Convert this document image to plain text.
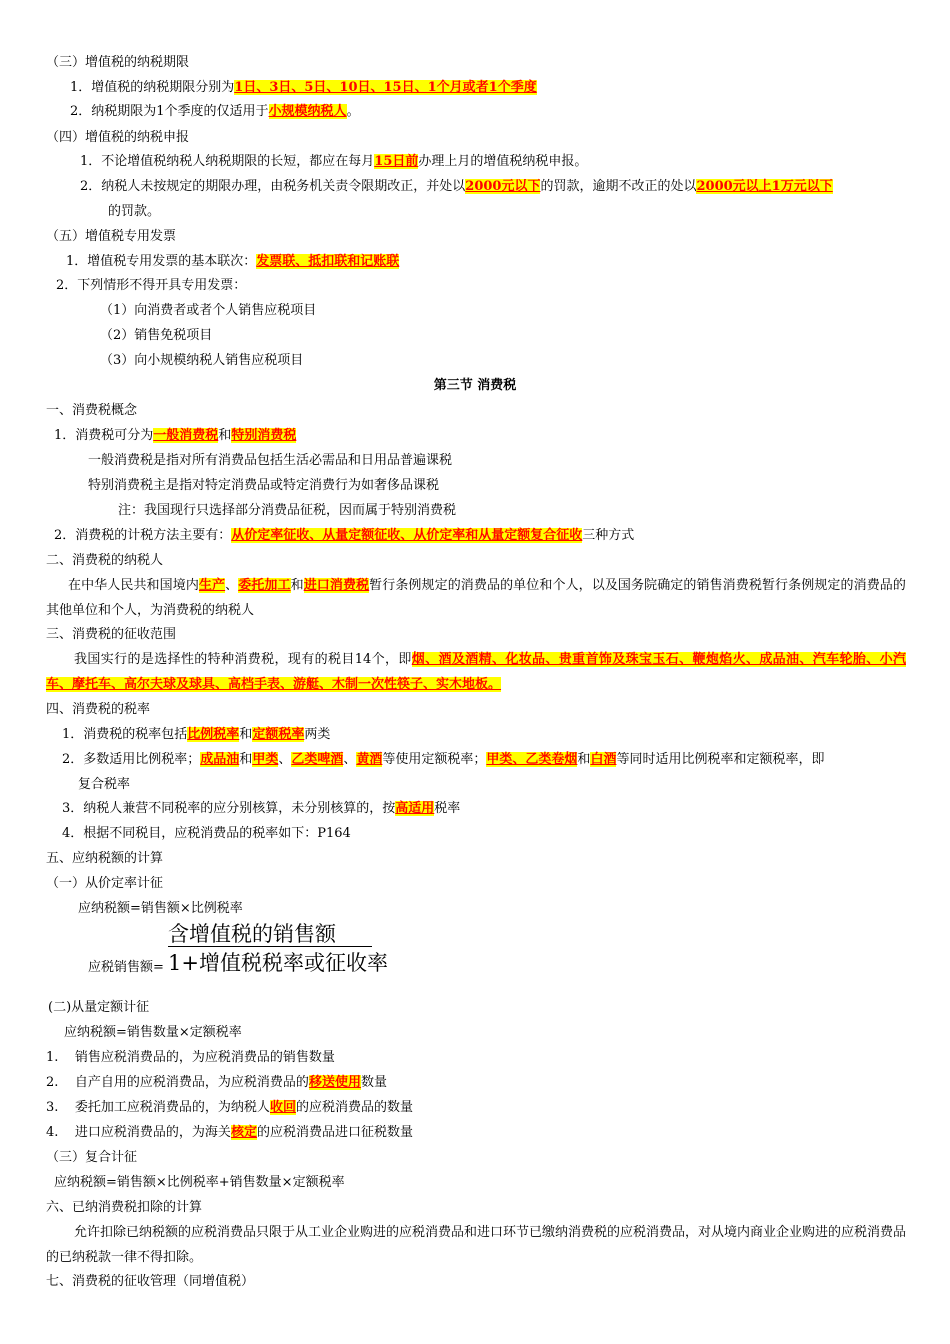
（三）增值税的纳税期限
1．增值税的纳税期限分别为1日、3日、5日、10日、15日、1个月或者1个季度
2．纳税期限为1个季度的仅适用于小规模纳税人。
（四）增值税的纳税申报
1．不论增值税纳税人纳税期限的长短，都应在每月15日前办理上月的增值税纳税申报。
2．纳税人未按规定的期限办理，由税务机关责令限期改正，并处以2000元以下的罚款，逾期不改正的处以2000元以上1万元以下
的罚款。
（五）增值税专用发票
1．增值税专用发票的基本联次：发票联、抵扣联和记账联
2．下列情形不得开具专用发票：
（1）向消费者或者个人销售应税项目
（2）销售免税项目
（3）向小规模纳税人销售应税项目
第三节 消费税
一、消费税概念
1．消费税可分为一般消费税和特别消费税
一般消费税是指对所有消费品包括生活必需品和日用品普遍课税
特别消费税主是指对特定消费品或特定消费行为如奢侈品课税
注：我国现行只选择部分消费品征税，因而属于特别消费税
2．消费税的计税方法主要有：从价定率征收、从量定额征收、从价定率和从量定额复合征收三种方式
二、消费税的纳税人
在中华人民共和国境内生产、委托加工和进口消费税暂行条例规定的消费品的单位和个人，以及国务院确定的销售消费税暂行条例规定的消费品的其他单位和个人，为消费税的纳税人
三、消费税的征收范围
我国实行的是选择性的特种消费税，现有的税目14个，即烟、酒及酒精、化妆品、贵重首饰及珠宝玉石、鞭炮焰火、成品油、汽车轮胎、小汽车、摩托车、高尔夫球及球具、高档手表、游艇、木制一次性筷子、实木地板。
四、消费税的税率
1．消费税的税率包括比例税率和定额税率两类
2．多数适用比例税率；成品油和甲类、乙类啤酒、黄酒等使用定额税率；甲类、乙类卷烟和白酒等同时适用比例税率和定额税率，即
复合税率
3．纳税人兼营不同税率的应分别核算，未分别核算的，按高适用税率
4．根据不同税目，应税消费品的税率如下：P164
五、应纳税额的计算
（一）从价定率计征
应纳税额=销售额×比例税率
含增值税的销售额
1+增值税税率或征收率
应税销售额=
(二)从量定额计征
应纳税额=销售数量×定额税率
1.    销售应税消费品的，为应税消费品的销售数量
2.    自产自用的应税消费品，为应税消费品的移送使用数量
3.    委托加工应税消费品的，为纳税人收回的应税消费品的数量
4.    进口应税消费品的，为海关核定的应税消费品进口征税数量
（三）复合计征
应纳税额=销售额×比例税率+销售数量×定额税率
六、已纳消费税扣除的计算
允许扣除已纳税额的应税消费品只限于从工业企业购进的应税消费品和进口环节已缴纳消费税的应税消费品，对从境内商业企业购进的应税消费品的已纳税款一律不得扣除。
七、消费税的征收管理（同增值税）
